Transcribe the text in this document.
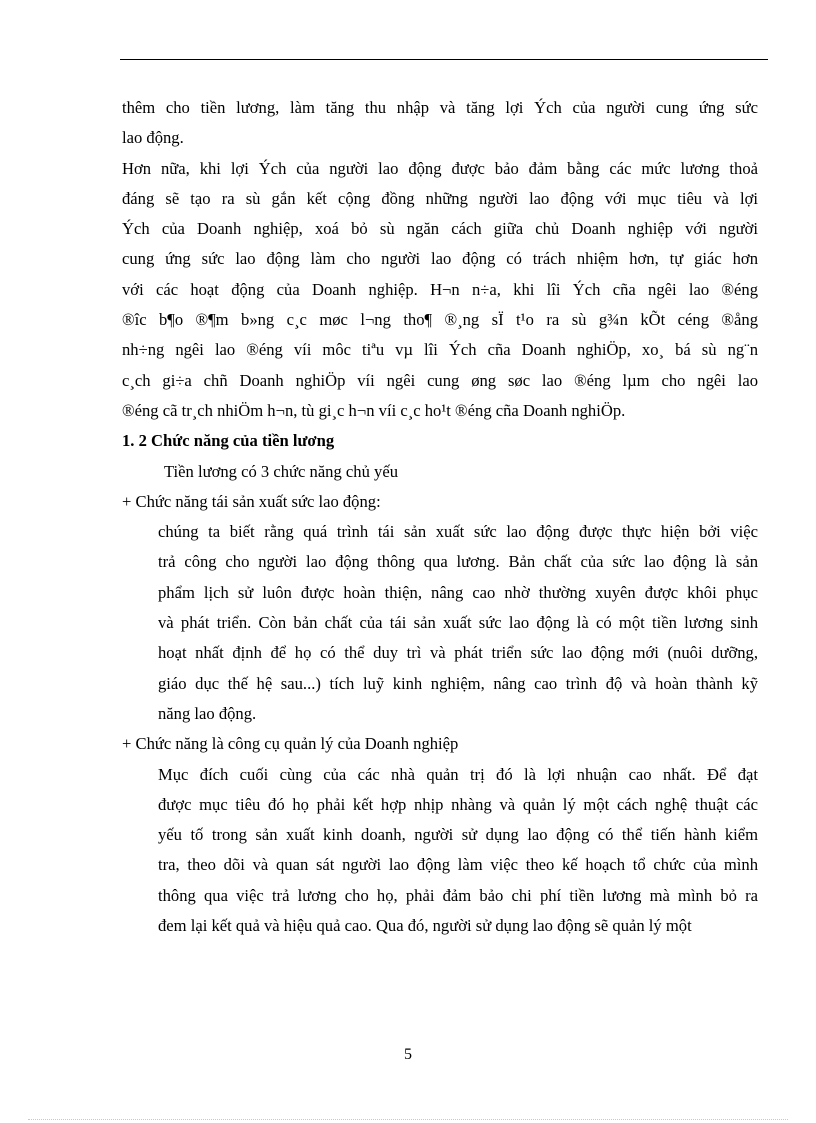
thêm cho tiền lương, làm tăng thu nhập và tăng lợi Ých của người cung ứng sức
lao động.
Hơn nữa, khi lợi Ých của người lao động được bảo đảm bằng các mức lương thoả
đáng sẽ tạo ra sù gắn kết cộng đồng những người lao động với mục tiêu và lợi
Ých của Doanh nghiệp, xoá bỏ sù ngăn cách giữa chủ Doanh nghiệp với người
cung ứng sức lao động làm cho người lao động có trách nhiệm hơn, tự giác hơn
với các hoạt động của Doanh nghiệp. H¬n n÷a, khi lîi Ých cña ngêi lao ®éng
®îc b¶o ®¶m b»ng c¸c møc l¬ng tho¶ ®¸ng sÏ t¹o ra sù g¾n kÕt céng ®ång
nh÷ng ngêi lao ®éng víi môc tiªu vµ lîi Ých cña Doanh nghiÖp, xo¸ bá sù ng¨n
c¸ch gi÷a chñ Doanh nghiÖp víi ngêi cung øng søc lao ®éng lµm cho ngêi lao
®éng cã tr¸ch nhiÖm h¬n, tù gi¸c h¬n víi c¸c ho¹t ®éng cña Doanh nghiÖp.
1. 2 Chức năng của tiền lương
Tiền lương có 3 chức năng chủ yếu
+ Chức năng tái sản xuất sức lao động:
chúng ta biết rằng quá trình tái sản xuất sức lao động được thực hiện bởi việc
trả công cho người lao động thông qua lương. Bản chất của sức lao động là sản
phẩm lịch sử luôn được hoàn thiện, nâng cao nhờ thường xuyên được khôi phục
và phát triển. Còn bản chất của tái sản xuất sức lao động là có một tiền lương sinh
hoạt nhất định để họ có thể duy trì và phát triển sức lao động mới (nuôi dưỡng,
giáo dục thế hệ sau...) tích luỹ kinh nghiệm, nâng cao trình độ và hoàn thành kỹ
năng lao động.
+ Chức năng là công cụ quản lý của Doanh nghiệp
Mục đích cuối cùng của các nhà quản trị đó là lợi nhuận cao nhất. Để đạt
được mục tiêu đó họ phải kết hợp nhịp nhàng và quản lý một cách nghệ thuật các
yếu tố trong sản xuất kinh doanh, người sử dụng lao động có thể tiến hành kiểm
tra, theo dõi và quan sát người lao động làm việc theo kế hoạch tổ chức của mình
thông qua việc trả lương cho họ, phải đảm bảo chi phí tiền lương mà mình bỏ ra
đem lại kết quả và hiệu quả cao. Qua đó, người sử dụng lao động sẽ quản lý một
5
